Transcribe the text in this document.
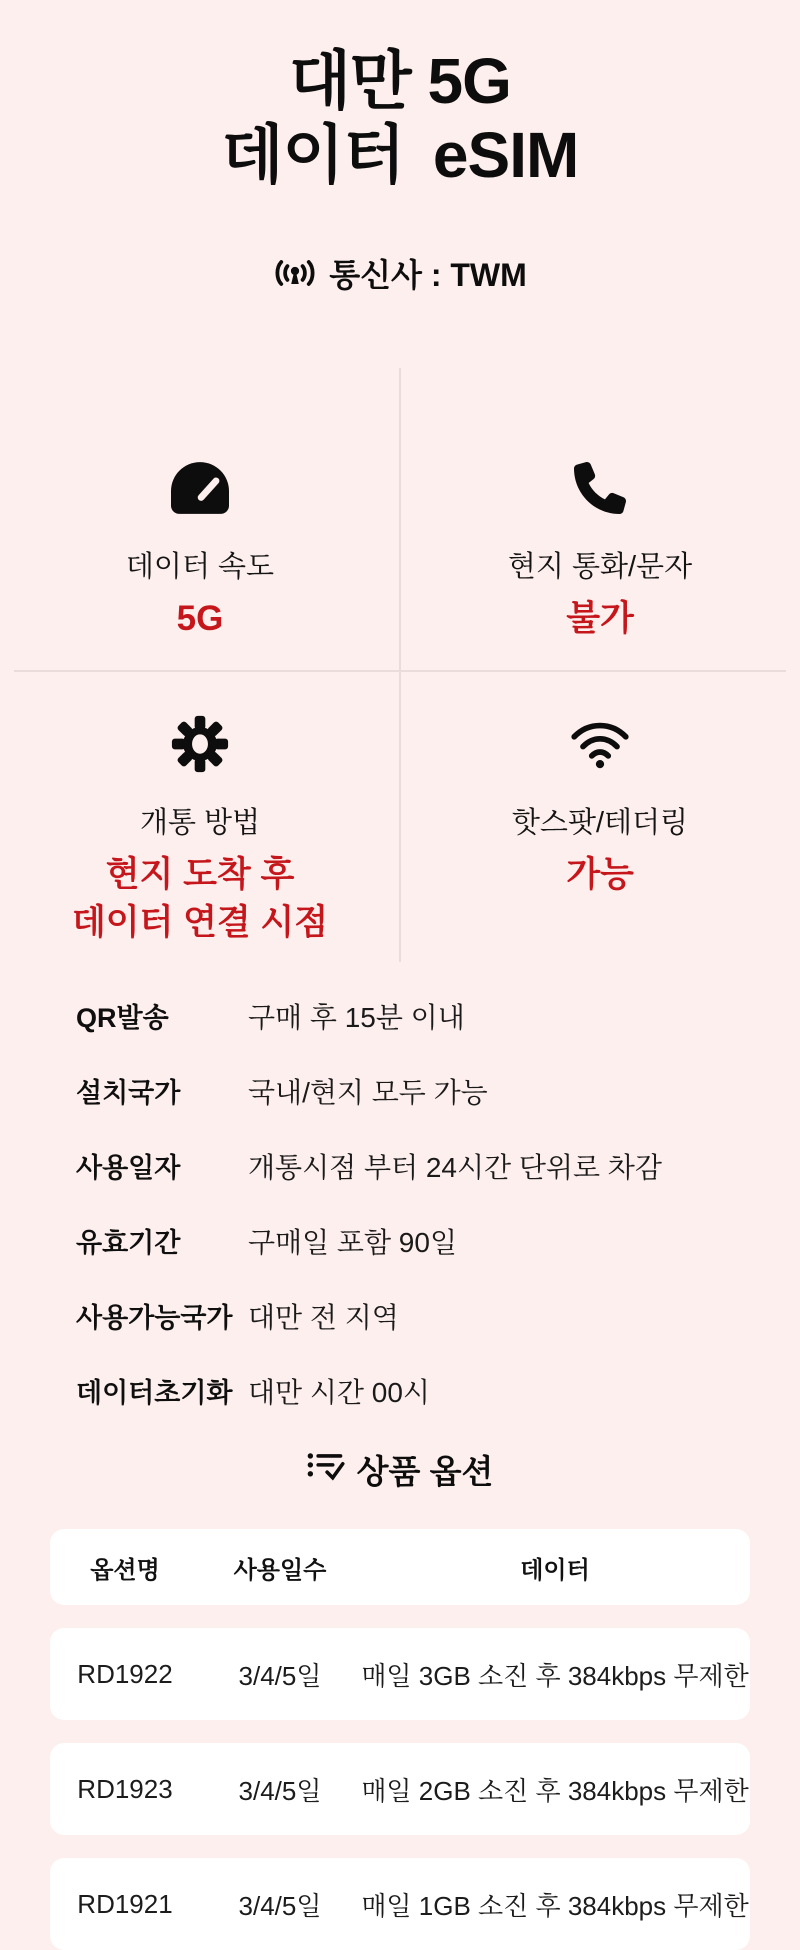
대만 5G
데이터 eSIM
통신사 : TWM
데이터 속도
5G
현지 통화/문자
불가
개통 방법
현지 도착 후
데이터 연결 시점
핫스팟/테더링
가능
QR발송	구매 후 15분 이내
설치국가	국내/현지 모두 가능
사용일자	개통시점 부터 24시간 단위로 차감
유효기간	구매일 포함 90일
사용가능국가 대만 전 지역
데이터초기화 대만 시간 00시
상품 옵션
옵션명	사용일수	데이터
RD1922	3/4/5일	매일 3GB 소진 후 384kbps 무제한
RD1923	3/4/5일	매일 2GB 소진 후 384kbps 무제한
RD1921	3/4/5일	매일 1GB 소진 후 384kbps 무제한
